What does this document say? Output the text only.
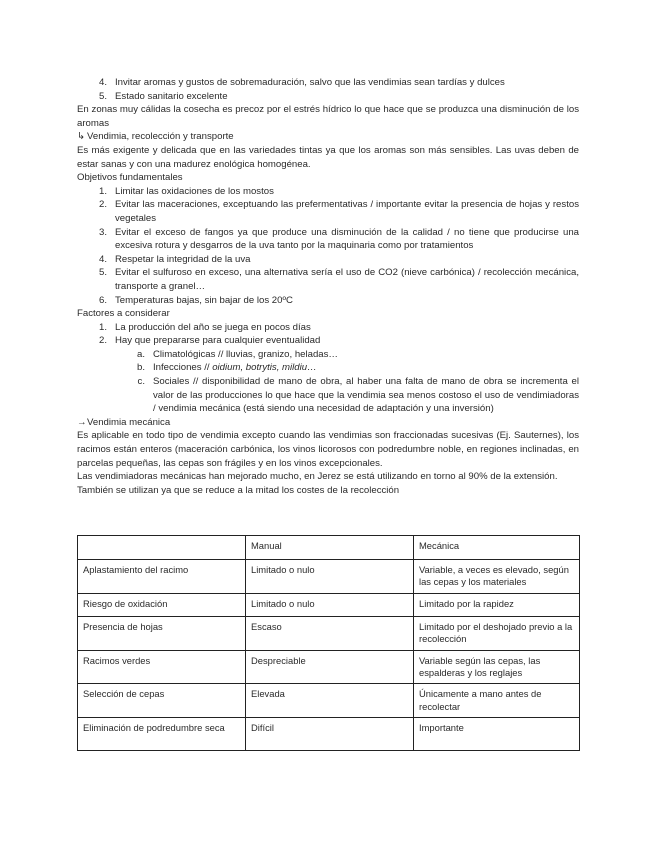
4. Invitar aromas y gustos de sobremaduración, salvo que las vendimias sean tardías y dulces
5. Estado sanitario excelente

En zonas muy cálidas la cosecha es precoz por el estrés hídrico lo que hace que se produzca una disminución de los aromas

↳ Vendimia, recolección y transporte

Es más exigente y delicada que en las variedades tintas ya que los aromas son más sensibles. Las uvas deben de estar sanas y con una madurez enológica homogénea.

Objetivos fundamentales

1. Limitar las oxidaciones de los mostos
2. Evitar las maceraciones, exceptuando las prefermentativas / importante evitar la presencia de hojas y restos vegetales
3. Evitar el exceso de fangos ya que produce una disminución de la calidad / no tiene que producirse una excesiva rotura y desgarros de la uva tanto por la maquinaria como por tratamientos
4. Respetar la integridad de la uva
5. Evitar el sulfuroso en exceso, una alternativa sería el uso de CO2 (nieve carbónica) / recolección mecánica, transporte a granel…
6. Temperaturas bajas, sin bajar de los 20ºC

Factores a considerar

1. La producción del año se juega en pocos días
2. Hay que prepararse para cualquier eventualidad
a. Climatológicas // lluvias, granizo, heladas…
b. Infecciones // oidium, botrytis, mildiu…
c. Sociales // disponibilidad de mano de obra, al haber una falta de mano de obra se incrementa el valor de las producciones lo que hace que la vendimia sea menos costoso el uso de vendimiadoras / vendimia mecánica (está siendo una necesidad de adaptación y una inversión)

→Vendimia mecánica

Es aplicable en todo tipo de vendimia excepto cuando las vendimias son fraccionadas sucesivas (Ej. Sauternes), los racimos están enteros (maceración carbónica, los vinos licorosos con podredumbre noble, en regiones inclinadas, en parcelas pequeñas, las cepas son frágiles y en los vinos excepcionales.

Las vendimiadoras mecánicas han mejorado mucho, en Jerez se está utilizando en torno al 90% de la extensión.

También se utilizan ya que se reduce a la mitad los costes de la recolección

	Manual	Mecánica
Aplastamiento del racimo	Limitado o nulo	Variable, a veces es elevado, según las cepas y los materiales
Riesgo de oxidación	Limitado o nulo	Limitado por la rapidez
Presencia de hojas	Escaso	Limitado por el deshojado previo a la recolección
Racimos verdes	Despreciable	Variable según las cepas, las espalderas y los reglajes
Selección de cepas	Elevada	Únicamente a mano antes de recolectar
Eliminación de podredumbre seca	Difícil	Importante
